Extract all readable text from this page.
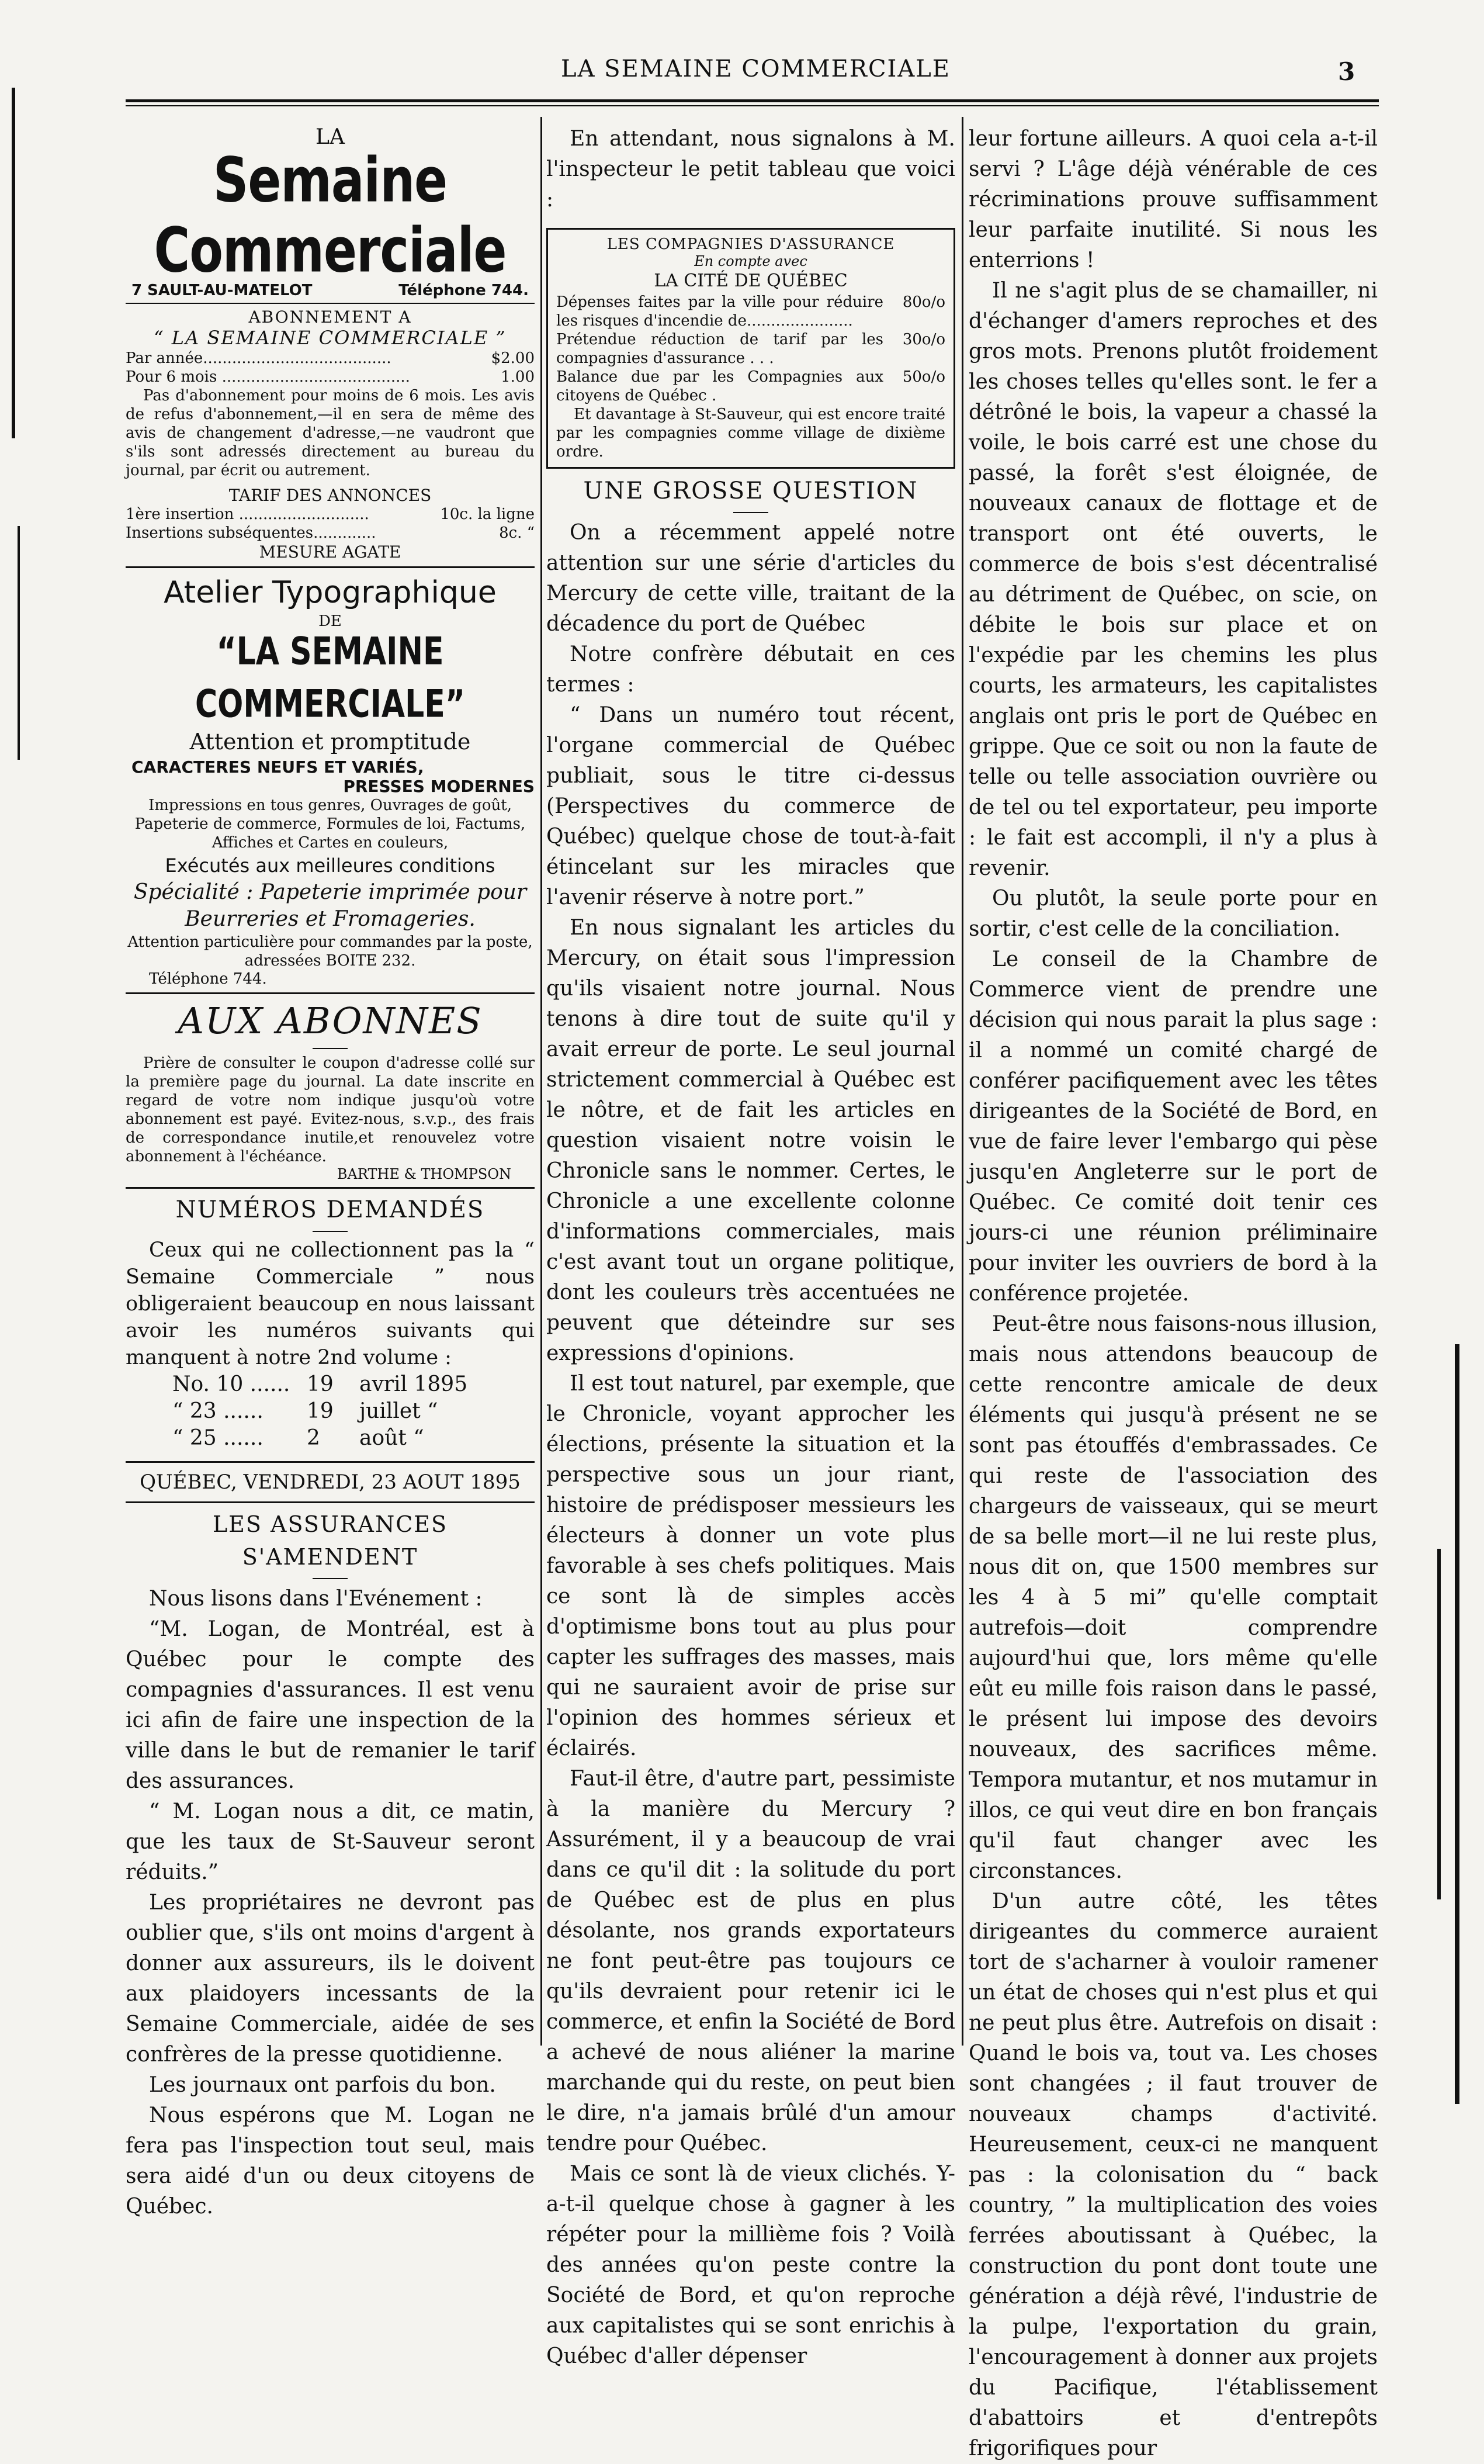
LA SEMAINE COMMERCIALE	3
LA
Semaine Commerciale
7 SAULT-AU-MATELOT	Téléphone 744.
ABONNEMENT A
“ LA SEMAINE COMMERCIALE ”
Par année.......................................	$2.00
Pour 6 mois .......................................	1.00

Pas d'abonnement pour moins de 6 mois. Les avis de refus d'abonnement,—il en sera de même des avis de changement d'adresse,—ne vaudront que s'ils sont adressés directement au bureau du journal, par écrit ou autrement.

TARIF DES ANNONCES
1ère insertion ...........................	10c. la ligne
Insertions subséquentes.............	8c. “
MESURE AGATE
Atelier Typographique
DE
“LA SEMAINE COMMERCIALE”
Attention et promptitude
CARACTERES NEUFS ET VARIÉS,
PRESSES MODERNES

Impressions en tous genres, Ouvrages de goût, Papeterie de commerce, Formules de loi, Factums, Affiches et Cartes en couleurs,

Exécutés aux meilleures conditions
Spécialité : Papeterie imprimée pour Beurreries et Fromageries.

Attention particulière pour commandes par la poste, adressées BOITE 232.

Téléphone 744.
AUX ABONNES

Prière de consulter le coupon d'adresse collé sur la première page du journal. La date inscrite en regard de votre nom indique jusqu'où votre abonnement est payé. Evitez-nous, s.v.p., des frais de correspondance inutile,et renouvelez votre abonnement à l'échéance.

BARTHE & THOMPSON
NUMÉROS DEMANDÉS

Ceux qui ne collectionnent pas la “ Semaine Commerciale ” nous obligeraient beaucoup en nous laissant avoir les numéros suivants qui manquent à notre 2nd volume :

No. 10 ...... 19	avril 1895
“ 23 ......	19	juillet “
“ 25 ......	2	août “
QUÉBEC, VENDREDI, 23 AOUT 1895
LES ASSURANCES S'AMENDENT

Nous lisons dans l'Evénement :

“M. Logan, de Montréal, est à Québec pour le compte des compagnies d'assurances. Il est venu ici afin de faire une inspection de la ville dans le but de remanier le tarif des assurances.

“ M. Logan nous a dit, ce matin, que les taux de St-Sauveur seront réduits.”

Les propriétaires ne devront pas oublier que, s'ils ont moins d'argent à donner aux assureurs, ils le doivent aux plaidoyers incessants de la Semaine Commerciale, aidée de ses confrères de la presse quotidienne.

Les journaux ont parfois du bon.

Nous espérons que M. Logan ne fera pas l'inspection tout seul, mais sera aidé d'un ou deux citoyens de Québec.

En attendant, nous signalons à M. l'inspecteur le petit tableau que voici :

LES COMPAGNIES D'ASSURANCE
En compte avec
LA CITÉ DE QUÉBEC
Dépenses faites par la ville pour réduire les risques d'incendie de......................
80o/o
Prétendue réduction de tarif par les compagnies d'assurance . . .
30o/o
Balance due par les Compagnies aux citoyens de Québec .
50o/o

Et davantage à St-Sauveur, qui est encore traité par les compagnies comme village de dixième ordre.

UNE GROSSE QUESTION

On a récemment appelé notre attention sur une série d'articles du Mercury de cette ville, traitant de la décadence du port de Québec

Notre confrère débutait en ces termes :

“ Dans un numéro tout récent, l'organe commercial de Québec publiait, sous le titre ci-dessus (Perspectives du commerce de Québec) quelque chose de tout-à-fait étincelant sur les miracles que l'avenir réserve à notre port.”

En nous signalant les articles du Mercury, on était sous l'impression qu'ils visaient notre journal. Nous tenons à dire tout de suite qu'il y avait erreur de porte. Le seul journal strictement commercial à Québec est le nôtre, et de fait les articles en question visaient notre voisin le Chronicle sans le nommer. Certes, le Chronicle a une excellente colonne d'informations commerciales, mais c'est avant tout un organe politique, dont les couleurs très accentuées ne peuvent que déteindre sur ses expressions d'opinions.

Il est tout naturel, par exemple, que le Chronicle, voyant approcher les élections, présente la situation et la perspective sous un jour riant, histoire de prédisposer messieurs les électeurs à donner un vote plus favorable à ses chefs politiques. Mais ce sont là de simples accès d'optimisme bons tout au plus pour capter les suffrages des masses, mais qui ne sauraient avoir de prise sur l'opinion des hommes sérieux et éclairés.

Faut-il être, d'autre part, pessimiste à la manière du Mercury ? Assurément, il y a beaucoup de vrai dans ce qu'il dit : la solitude du port de Québec est de plus en plus désolante, nos grands exportateurs ne font peut-être pas toujours ce qu'ils devraient pour retenir ici le commerce, et enfin la Société de Bord a achevé de nous aliéner la marine marchande qui du reste, on peut bien le dire, n'a jamais brûlé d'un amour tendre pour Québec.

Mais ce sont là de vieux clichés. Y-a-t-il quelque chose à gagner à les répéter pour la millième fois ? Voilà des années qu'on peste contre la Société de Bord, et qu'on reproche aux capitalistes qui se sont enrichis à Québec d'aller dépenser

leur fortune ailleurs. A quoi cela a-t-il servi ? L'âge déjà vénérable de ces récriminations prouve suffisamment leur parfaite inutilité. Si nous les enterrions !

Il ne s'agit plus de se chamailler, ni d'échanger d'amers reproches et des gros mots. Prenons plutôt froidement les choses telles qu'elles sont. le fer a détrôné le bois, la vapeur a chassé la voile, le bois carré est une chose du passé, la forêt s'est éloignée, de nouveaux canaux de flottage et de transport ont été ouverts, le commerce de bois s'est décentralisé au détriment de Québec, on scie, on débite le bois sur place et on l'expédie par les chemins les plus courts, les armateurs, les capitalistes anglais ont pris le port de Québec en grippe. Que ce soit ou non la faute de telle ou telle association ouvrière ou de tel ou tel exportateur, peu importe : le fait est accompli, il n'y a plus à revenir.

Ou plutôt, la seule porte pour en sortir, c'est celle de la conciliation.

Le conseil de la Chambre de Commerce vient de prendre une décision qui nous parait la plus sage : il a nommé un comité chargé de conférer pacifiquement avec les têtes dirigeantes de la Société de Bord, en vue de faire lever l'embargo qui pèse jusqu'en Angleterre sur le port de Québec. Ce comité doit tenir ces jours-ci une réunion préliminaire pour inviter les ouvriers de bord à la conférence projetée.

Peut-être nous faisons-nous illusion, mais nous attendons beaucoup de cette rencontre amicale de deux éléments qui jusqu'à présent ne se sont pas étouffés d'embrassades. Ce qui reste de l'association des chargeurs de vaisseaux, qui se meurt de sa belle mort—il ne lui reste plus, nous dit on, que 1500 membres sur les 4 à 5 mi” qu'elle comptait autrefois—doit comprendre aujourd'hui que, lors même qu'elle eût eu mille fois raison dans le passé, le présent lui impose des devoirs nouveaux, des sacrifices même. Tempora mutantur, et nos mutamur in illos, ce qui veut dire en bon français qu'il faut changer avec les circonstances.

D'un autre côté, les têtes dirigeantes du commerce auraient tort de s'acharner à vouloir ramener un état de choses qui n'est plus et qui ne peut plus être. Autrefois on disait : Quand le bois va, tout va. Les choses sont changées ; il faut trouver de nouveaux champs d'activité. Heureusement, ceux-ci ne manquent pas : la colonisation du “ back country, ” la multiplication des voies ferrées aboutissant à Québec, la construction du pont dont toute une génération a déjà rêvé, l'industrie de la pulpe, l'exportation du grain, l'encouragement à donner aux projets du Pacifique, l'établissement d'abattoirs et d'entrepôts frigorifiques pour
